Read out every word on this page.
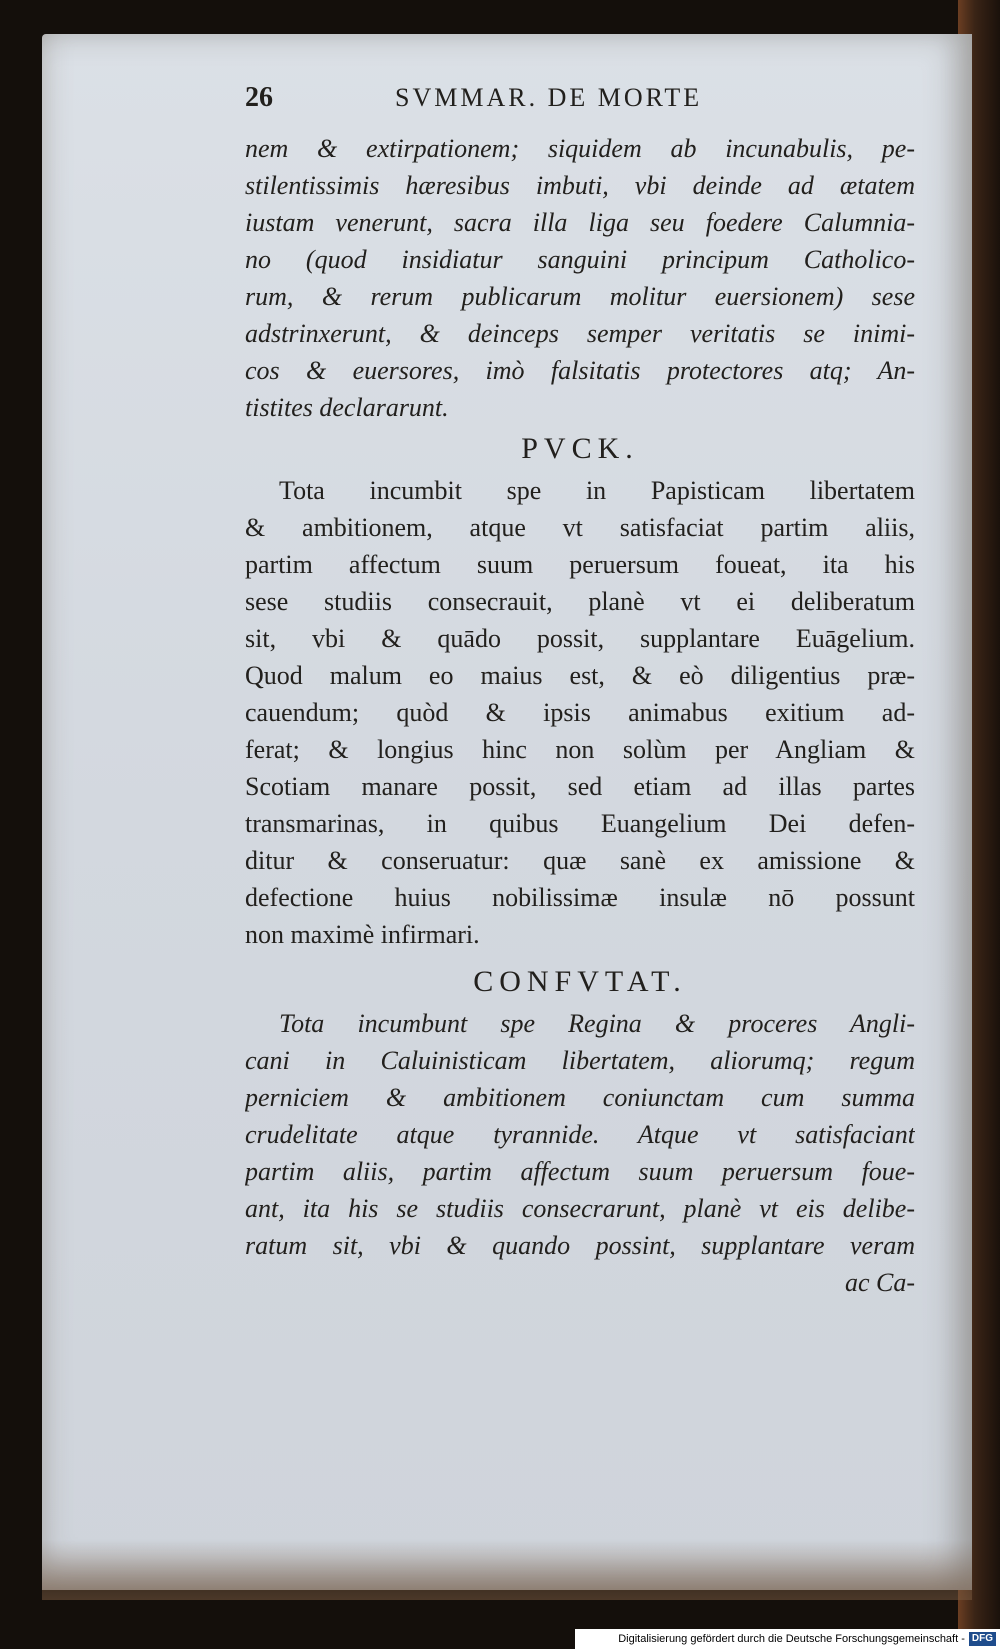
26	SVMMAR. DE MORTE
nem & extirpationem; siquidem ab incunabulis, pe-
stilentissimis hæresibus imbuti, vbi deinde ad ætatem
iustam venerunt, sacra illa liga seu foedere Calumnia-
no (quod insidiatur sanguini principum Catholico-
rum, & rerum publicarum molitur euersionem) sese
adstrinxerunt, & deinceps semper veritatis se inimi-
cos & euersores, imò falsitatis protectores atq; An-
tistites declararunt.
PVCK.
Tota incumbit spe in Papisticam libertatem
& ambitionem, atque vt satisfaciat partim aliis,
partim affectum suum peruersum foueat, ita his
sese studiis consecrauit, planè vt ei deliberatum
sit, vbi & quādo possit, supplantare Euāgelium.
Quod malum eo maius est, & eò diligentius præ-
cauendum; quòd & ipsis animabus exitium ad-
ferat; & longius hinc non solùm per Angliam &
Scotiam manare possit, sed etiam ad illas partes
transmarinas, in quibus Euangelium Dei defen-
ditur & conseruatur: quæ sanè ex amissione &
defectione huius nobilissimæ insulæ nō possunt
non maximè infirmari.
CONFVTAT.
Tota incumbunt spe Regina & proceres Angli-
cani in Caluinisticam libertatem, aliorumq; regum
perniciem & ambitionem coniunctam cum summa
crudelitate atque tyrannide. Atque vt satisfaciant
partim aliis, partim affectum suum peruersum foue-
ant, ita his se studiis consecrarunt, planè vt eis delibe-
ratum sit, vbi & quando possint, supplantare veram
ac Ca-
Digitalisierung gefördert durch die Deutsche Forschungsgemeinschaft - DFG
